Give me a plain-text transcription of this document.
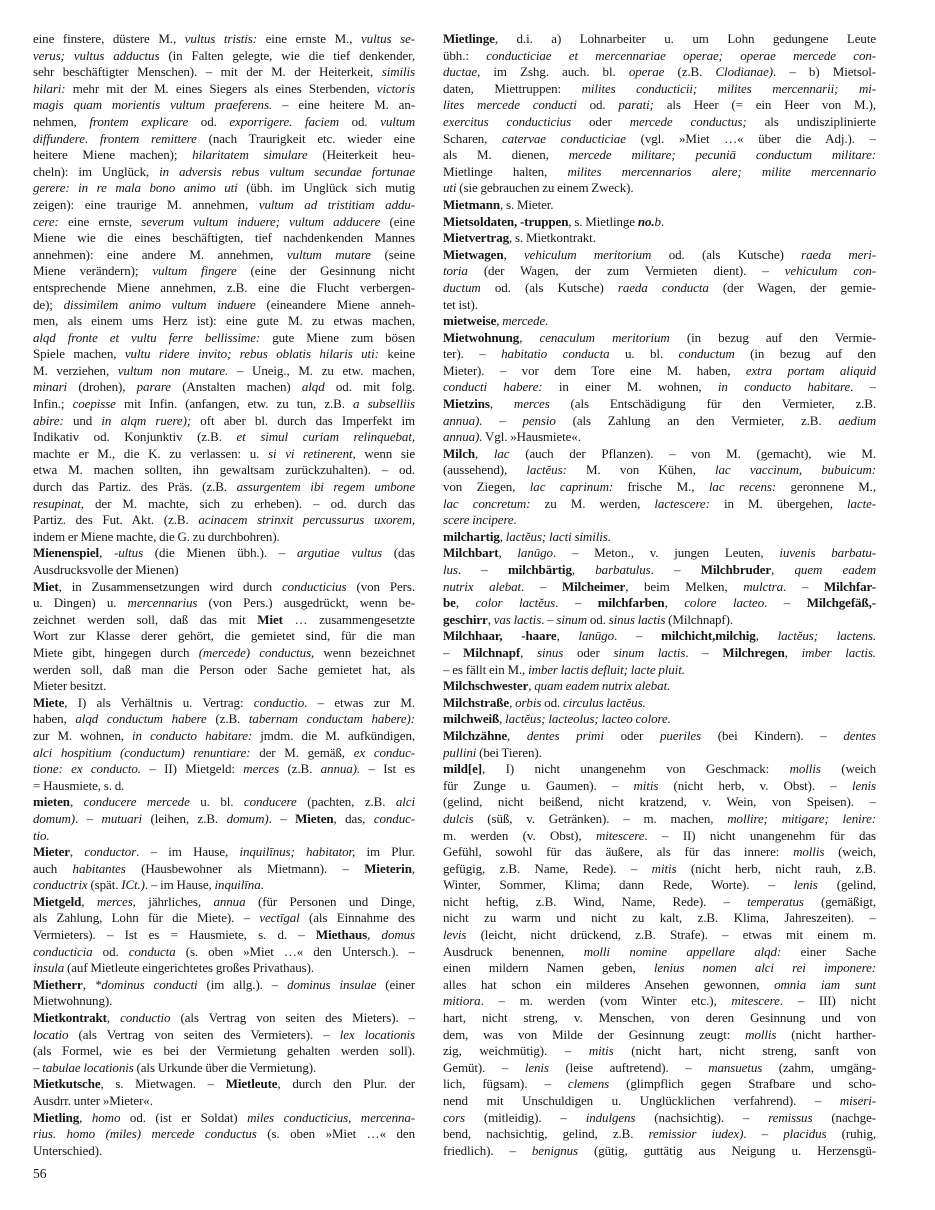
eine finstere, düstere M., vultus tristis: eine ernste M., vultus se-
verus; vultus adductus (in Falten gelegte, wie die tief denkender,
sehr beschäftigter Menschen). – mit der M. der Heiterkeit, similis
hilari: mehr mit der M. eines Siegers als eines Sterbenden, victoris
magis quam morientis vultum praeferens. – eine heitere M. an-
nehmen, frontem explicare od. exporrigere. faciem od. vultum
diffundere. frontem remittere (nach Traurigkeit etc. wieder eine
heitere Miene machen); hilaritatem simulare (Heiterkeit heu-
cheln): im Unglück, in adversis rebus vultum secundae fortunae
gerere: in re mala bono animo uti (übh. im Unglück sich mutig
zeigen): eine traurige M. annehmen, vultum ad tristitiam addu-
cere: eine ernste, severum vultum induere; vultum adducere (eine
Miene wie die eines beschäftigten, tief nachdenkenden Mannes
annehmen): eine andere M. annehmen, vultum mutare (seine
Miene verändern); vultum fingere (eine der Gesinnung nicht
entsprechende Miene annehmen, z.B. eine die Flucht verbergen-
de); dissimilem animo vultum induere (eineandere Miene anneh-
men, als einem ums Herz ist): eine gute M. zu etwas machen,
alqd fronte et vultu ferre bellissime: gute Miene zum bösen
Spiele machen, vultu ridere invito; rebus oblatis hilaris uti: keine
M. verziehen, vultum non mutare. – Uneig., M. zu etw. machen,
minari (drohen), parare (Anstalten machen) alqd od. mit folg.
Infin.; coepisse mit Infin. (anfangen, etw. zu tun, z.B. a subselliis
abire: und in alqm ruere); oft aber bl. durch das Imperfekt im
Indikativ od. Konjunktiv (z.B. et simul curiam relinquebat,
machte er M., die K. zu verlassen: u. si vi retinerent, wenn sie
etwa M. machen sollten, ihn gewaltsam zurückzuhalten). – od.
durch das Partiz. des Präs. (z.B. assurgentem ibi regem umbone
resupinat, der M. machte, sich zu erheben). – od. durch das
Partiz. des Fut. Akt. (z.B. acinacem strinxit percussurus uxorem,
indem er Miene machte, die G. zu durchbohren).
Mienenspiel, -ultus (die Mienen übh.). – argutiae vultus (das
Ausdrucksvolle der Mienen)
Miet, in Zusammensetzungen wird durch conducticius (von Pers.
u. Dingen) u. mercennarius (von Pers.) ausgedrückt, wenn be-
zeichnet werden soll, daß das mit Miet … zusammengesetzte
Wort zur Klasse derer gehört, die gemietet sind, für die man
Miete gibt, hingegen durch (mercede) conductus, wenn bezeichnet
werden soll, daß man die Person oder Sache gemietet hat, als
Mieter besitzt.
Miete, I) als Verhältnis u. Vertrag: conductio. – etwas zur M.
haben, alqd conductum habere (z.B. tabernam conductam habere):
zur M. wohnen, in conducto habitare: jmdm. die M. aufkündigen,
alci hospitium (conductum) renuntiare: der M. gemäß, ex conduc-
tione: ex conducto. – II) Mietgeld: merces (z.B. annua). – Ist es
= Hausmiete, s. d.
mieten, conducere mercede u. bl. conducere (pachten, z.B. alci
domum). – mutuari (leihen, z.B. domum). – Mieten, das, conduc-
tio.
Mieter, conductor. – im Hause, inquilīnus; habitator, im Plur.
auch habitantes (Hausbewohner als Mietmann). – Mieterin,
conductrix (spät. ICt.). – im Hause, inquilīna.
Mietgeld, merces, jährliches, annua (für Personen und Dinge,
als Zahlung, Lohn für die Miete). – vectīgal (als Einnahme des
Vermieters). – Ist es = Hausmiete, s. d. – Miethaus, domus
conducticia od. conducta (s. oben »Miet …« den Untersch.). –
insula (auf Mietleute eingerichtetes großes Privathaus).
Mietherr, *dominus conducti (im allg.). – dominus insulae (einer
Mietwohnung).
Mietkontrakt, conductio (als Vertrag von seiten des Mieters). –
locatio (als Vertrag von seiten des Vermieters). – lex locationis
(als Formel, wie es bei der Vermietung gehalten werden soll).
– tabulae locationis (als Urkunde über die Vermietung).
Mietkutsche, s. Mietwagen. – Mietleute, durch den Plur. der
Ausdrr. unter »Mieter«.
Mietling, homo od. (ist er Soldat) miles conducticius, mercenna-
rius. homo (miles) mercede conductus (s. oben »Miet …« den
Unterschied).
Mietlinge, d.i. a) Lohnarbeiter u. um Lohn gedungene Leute
übh.: conducticiae et mercennariae operae; operae mercede con-
ductae, im Zshg. auch. bl. operae (z.B. Clodianae). – b) Mietsol-
daten, Miettruppen: milites conducticii; milites mercennarii; mi-
lites mercede conducti od. parati; als Heer (= ein Heer von M.),
exercitus conducticius oder mercede conductus; als undisziplinierte
Scharen, catervae conducticiae (vgl. »Miet …« über die Adj.). –
als M. dienen, mercede militare; pecuniā conductum militare:
Mietlinge halten, milites mercennarios alere; milite mercennario
uti (sie gebrauchen zu einem Zweck).
Mietmann, s. Mieter.
Mietsoldaten, -truppen, s. Mietlinge no.b.
Mietvertrag, s. Mietkontrakt.
Mietwagen, vehiculum meritorium od. (als Kutsche) raeda meri-
toria (der Wagen, der zum Vermieten dient). – vehiculum con-
ductum od. (als Kutsche) raeda conducta (der Wagen, der gemie-
tet ist).
mietweise, mercede.
Mietwohnung, cenaculum meritorium (in bezug auf den Vermie-
ter). – habitatio conducta u. bl. conductum (in bezug auf den
Mieter). – vor dem Tore eine M. haben, extra portam aliquid
conducti habere: in einer M. wohnen, in conducto habitare. –
Mietzins, merces (als Entschädigung für den Vermieter, z.B.
annua). – pensio (als Zahlung an den Vermieter, z.B. aedium
annua). Vgl. »Hausmiete«.
Milch, lac (auch der Pflanzen). – von M. (gemacht), wie M.
(aussehend), lactĕus: M. von Kühen, lac vaccinum, bubuicum:
von Ziegen, lac caprinum: frische M., lac recens: geronnene M.,
lac concretum: zu M. werden, lactescere: in M. übergehen, lacte-
scere incipere.
milchartig, lactĕus; lacti similis.
Milchbart, lanūgo. – Meton., v. jungen Leuten, iuvenis barbatu-
lus. – milchbärtig, barbatulus. – Milchbruder, quem eadem
nutrix alebat. – Milcheimer, beim Melken, mulctra. – Milchfar-
be, color lactĕus. – milchfarben, colore lacteo. – Milchgefäß,-
geschirr, vas lactis. – sinum od. sinus lactis (Milchnapf).
Milchhaar, -haare, lanūgo. – milchicht,milchig, lactĕus; lactens.
– Milchnapf, sinus oder sinum lactis. – Milchregen, imber lactis.
– es fällt ein M., imber lactis defluit; lacte pluit.
Milchschwester, quam eadem nutrix alebat.
Milchstraße, orbis od. circulus lactĕus.
milchweiß, lactĕus; lacteolus; lacteo colore.
Milchzähne, dentes primi oder pueriles (bei Kindern). – dentes
pullini (bei Tieren).
mild[e], I) nicht unangenehm von Geschmack: mollis (weich
für Zunge u. Gaumen). – mitis (nicht herb, v. Obst). – lenis
(gelind, nicht beißend, nicht kratzend, v. Wein, von Speisen). –
dulcis (süß, v. Getränken). – m. machen, mollire; mitigare; lenire:
m. werden (v. Obst), mitescere. – II) nicht unangenehm für das
Gefühl, sowohl für das äußere, als für das innere: mollis (weich,
gefügig, z.B. Name, Rede). – mitis (nicht herb, nicht rauh, z.B.
Winter, Sommer, Klima; dann Rede, Worte). – lenis (gelind,
nicht heftig, z.B. Wind, Name, Rede). – temperatus (gemäßigt,
nicht zu warm und nicht zu kalt, z.B. Klima, Jahreszeiten). –
levis (leicht, nicht drückend, z.B. Strafe). – etwas mit einem m.
Ausdruck benennen, molli nomine appellare alqd: einer Sache
einen mildern Namen geben, lenius nomen alci rei imponere:
alles hat schon ein milderes Ansehen gewonnen, omnia iam sunt
mitiora. – m. werden (vom Winter etc.), mitescere. – III) nicht
hart, nicht streng, v. Menschen, von deren Gesinnung und von
dem, was von Milde der Gesinnung zeugt: mollis (nicht harther-
zig, weichmütig). – mitis (nicht hart, nicht streng, sanft von
Gemüt). – lenis (leise auftretend). – mansuetus (zahm, umgäng-
lich, fügsam). – clemens (glimpflich gegen Strafbare und scho-
nend mit Unschuldigen u. Unglücklichen verfahrend). – miseri-
cors (mitleidig). – indulgens (nachsichtig). – remissus (nachge-
bend, nachsichtig, gelind, z.B. remissior iudex). – placidus (ruhig,
friedlich). – benignus (gütig, guttätig aus Neigung u. Herzensgü-
56
